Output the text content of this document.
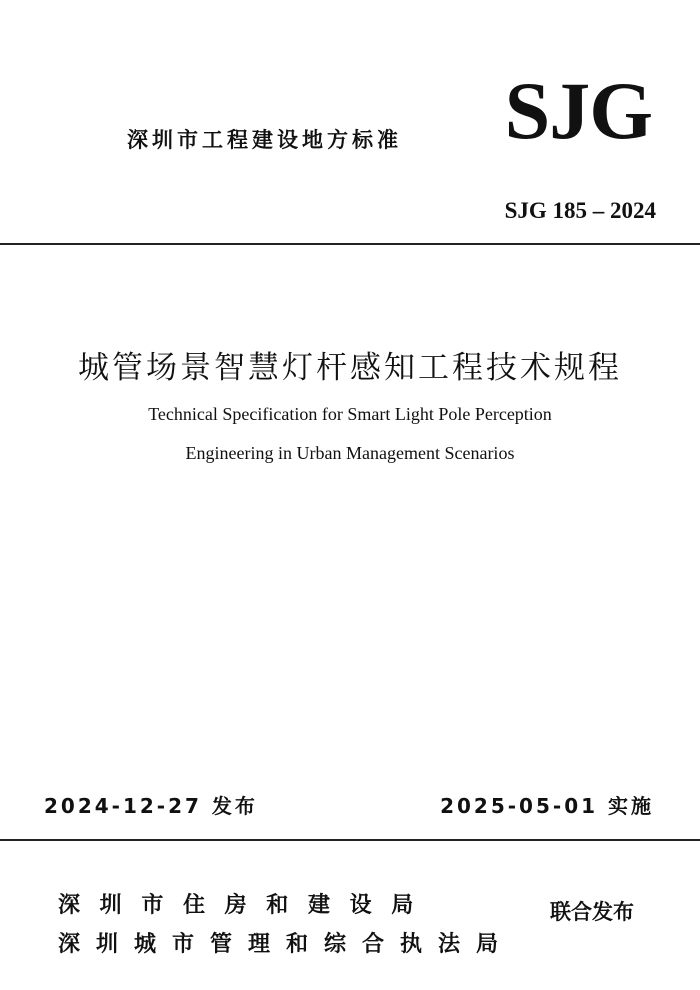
深圳市工程建设地方标准 SJG
SJG 185 – 2024
城管场景智慧灯杆感知工程技术规程
Technical Specification for Smart Light Pole Perception
Engineering in Urban Management Scenarios
2024-12-27 发布	2025-05-01 实施
深 圳 市 住 房 和 建 设 局
深圳城市管理和综合执法局
联合发布
